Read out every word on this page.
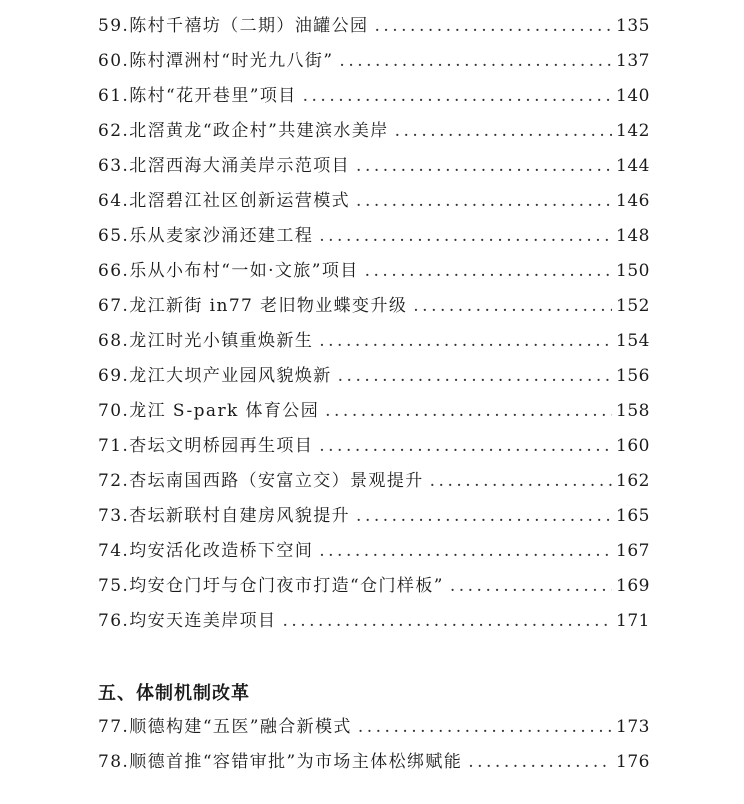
59.陈村千禧坊（二期）油罐公园 .....	135
60.陈村潭洲村“时光九八街” .....	137
61.陈村“花开巷里”项目 .....	140
62.北滘黄龙“政企村”共建滨水美岸 .....	142
63.北滘西海大涌美岸示范项目 .....	144
64.北滘碧江社区创新运营模式 .....	146
65.乐从麦家沙涌还建工程 .....	148
66.乐从小布村“一如·文旅”项目 .....	150
67.龙江新街 in77 老旧物业蝶变升级 .....	152
68.龙江时光小镇重焕新生 .....	154
69.龙江大坝产业园风貌焕新 .....	156
70.龙江 S-park 体育公园 .....	158
71.杏坛文明桥园再生项目 .....	160
72.杏坛南国西路（安富立交）景观提升 .....	162
73.杏坛新联村自建房风貌提升 .....	165
74.均安活化改造桥下空间 .....	167
75.均安仓门圩与仓门夜市打造“仓门样板” .....	169
76.均安天连美岸项目 .....	171
五、体制机制改革
77.顺德构建“五医”融合新模式 .....	173
78.顺德首推“容错审批”为市场主体松绑赋能 .....	176
